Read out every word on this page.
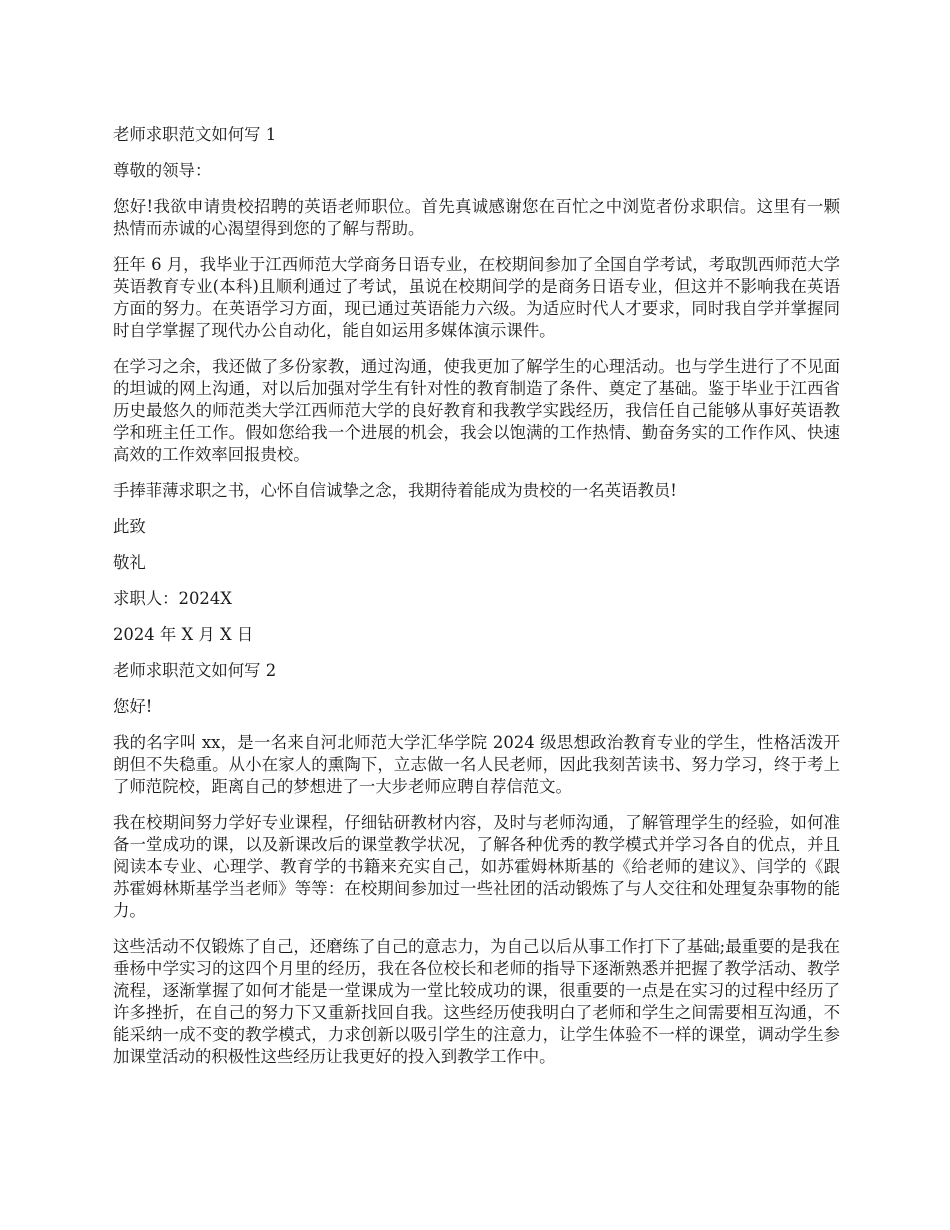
老师求职范文如何写 1

尊敬的领导：

您好!我欲申请贵校招聘的英语老师职位。首先真诚感谢您在百忙之中浏览者份求职信。这里有一颗热情而赤诚的心渴望得到您的了解与帮助。

狂年 6 月，我毕业于江西师范大学商务日语专业，在校期间参加了全国自学考试，考取凯西师范大学英语教育专业(本科)且顺利通过了考试，虽说在校期间学的是商务日语专业，但这并不影响我在英语方面的努力。在英语学习方面，现已通过英语能力六级。为适应时代人才要求，同时我自学并掌握同时自学掌握了现代办公自动化，能自如运用多媒体演示课件。

在学习之余，我还做了多份家教，通过沟通，使我更加了解学生的心理活动。也与学生进行了不见面的坦诚的网上沟通，对以后加强对学生有针对性的教育制造了条件、奠定了基础。鉴于毕业于江西省历史最悠久的师范类大学江西师范大学的良好教育和我教学实践经历，我信任自己能够从事好英语教学和班主任工作。假如您给我一个进展的机会，我会以饱满的工作热情、勤奋务实的工作作风、快速高效的工作效率回报贵校。

手捧菲薄求职之书，心怀自信诚挚之念，我期待着能成为贵校的一名英语教员!

此致

敬礼

求职人：2024X

2024 年 X 月 X 日

老师求职范文如何写 2

您好!

我的名字叫 xx，是一名来自河北师范大学汇华学院 2024 级思想政治教育专业的学生，性格活泼开朗但不失稳重。从小在家人的熏陶下，立志做一名人民老师，因此我刻苦读书、努力学习，终于考上了师范院校，距离自己的梦想进了一大步老师应聘自荐信范文。

我在校期间努力学好专业课程，仔细钻研教材内容，及时与老师沟通，了解管理学生的经验，如何准备一堂成功的课，以及新课改后的课堂教学状况，了解各种优秀的教学模式并学习各自的优点，并且阅读本专业、心理学、教育学的书籍来充实自己，如苏霍姆林斯基的《给老师的建议》、闫学的《跟苏霍姆林斯基学当老师》等等：在校期间参加过一些社团的活动锻炼了与人交往和处理复杂事物的能力。

这些活动不仅锻炼了自己，还磨练了自己的意志力，为自己以后从事工作打下了基础;最重要的是我在垂杨中学实习的这四个月里的经历，我在各位校长和老师的指导下逐渐熟悉并把握了教学活动、教学流程，逐渐掌握了如何才能是一堂课成为一堂比较成功的课，很重要的一点是在实习的过程中经历了许多挫折，在自己的努力下又重新找回自我。这些经历使我明白了老师和学生之间需要相互沟通，不能采纳一成不变的教学模式，力求创新以吸引学生的注意力，让学生体验不一样的课堂，调动学生参加课堂活动的积极性这些经历让我更好的投入到教学工作中。
